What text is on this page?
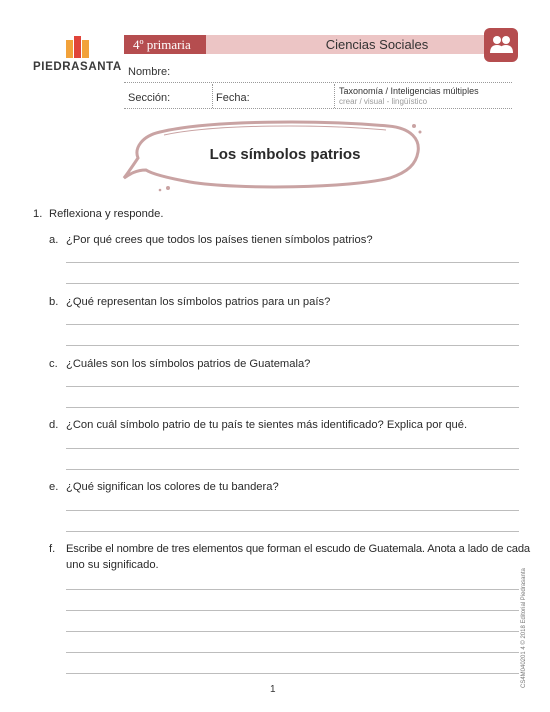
PIEDRASANTA
4º primaria	Ciencias Sociales
Nombre:
Sección:	Fecha:
Taxonomía / Inteligencias múltiples
crear / visual - lingüístico
Los símbolos patrios
1. Reflexiona y responde.
a. ¿Por qué crees que todos los países tienen símbolos patrios?
b. ¿Qué representan los símbolos patrios para un país?
c. ¿Cuáles son los símbolos patrios de Guatemala?
d. ¿Con cuál símbolo patrio de tu país te sientes más identificado? Explica por qué.
e. ¿Qué significan los colores de tu bandera?
f. Escribe el nombre de tres elementos que forman el escudo de Guatemala. Anota a lado de cada
uno su significado.
CS4M040201 4 © 2018 Editorial Piedrasanta
1
